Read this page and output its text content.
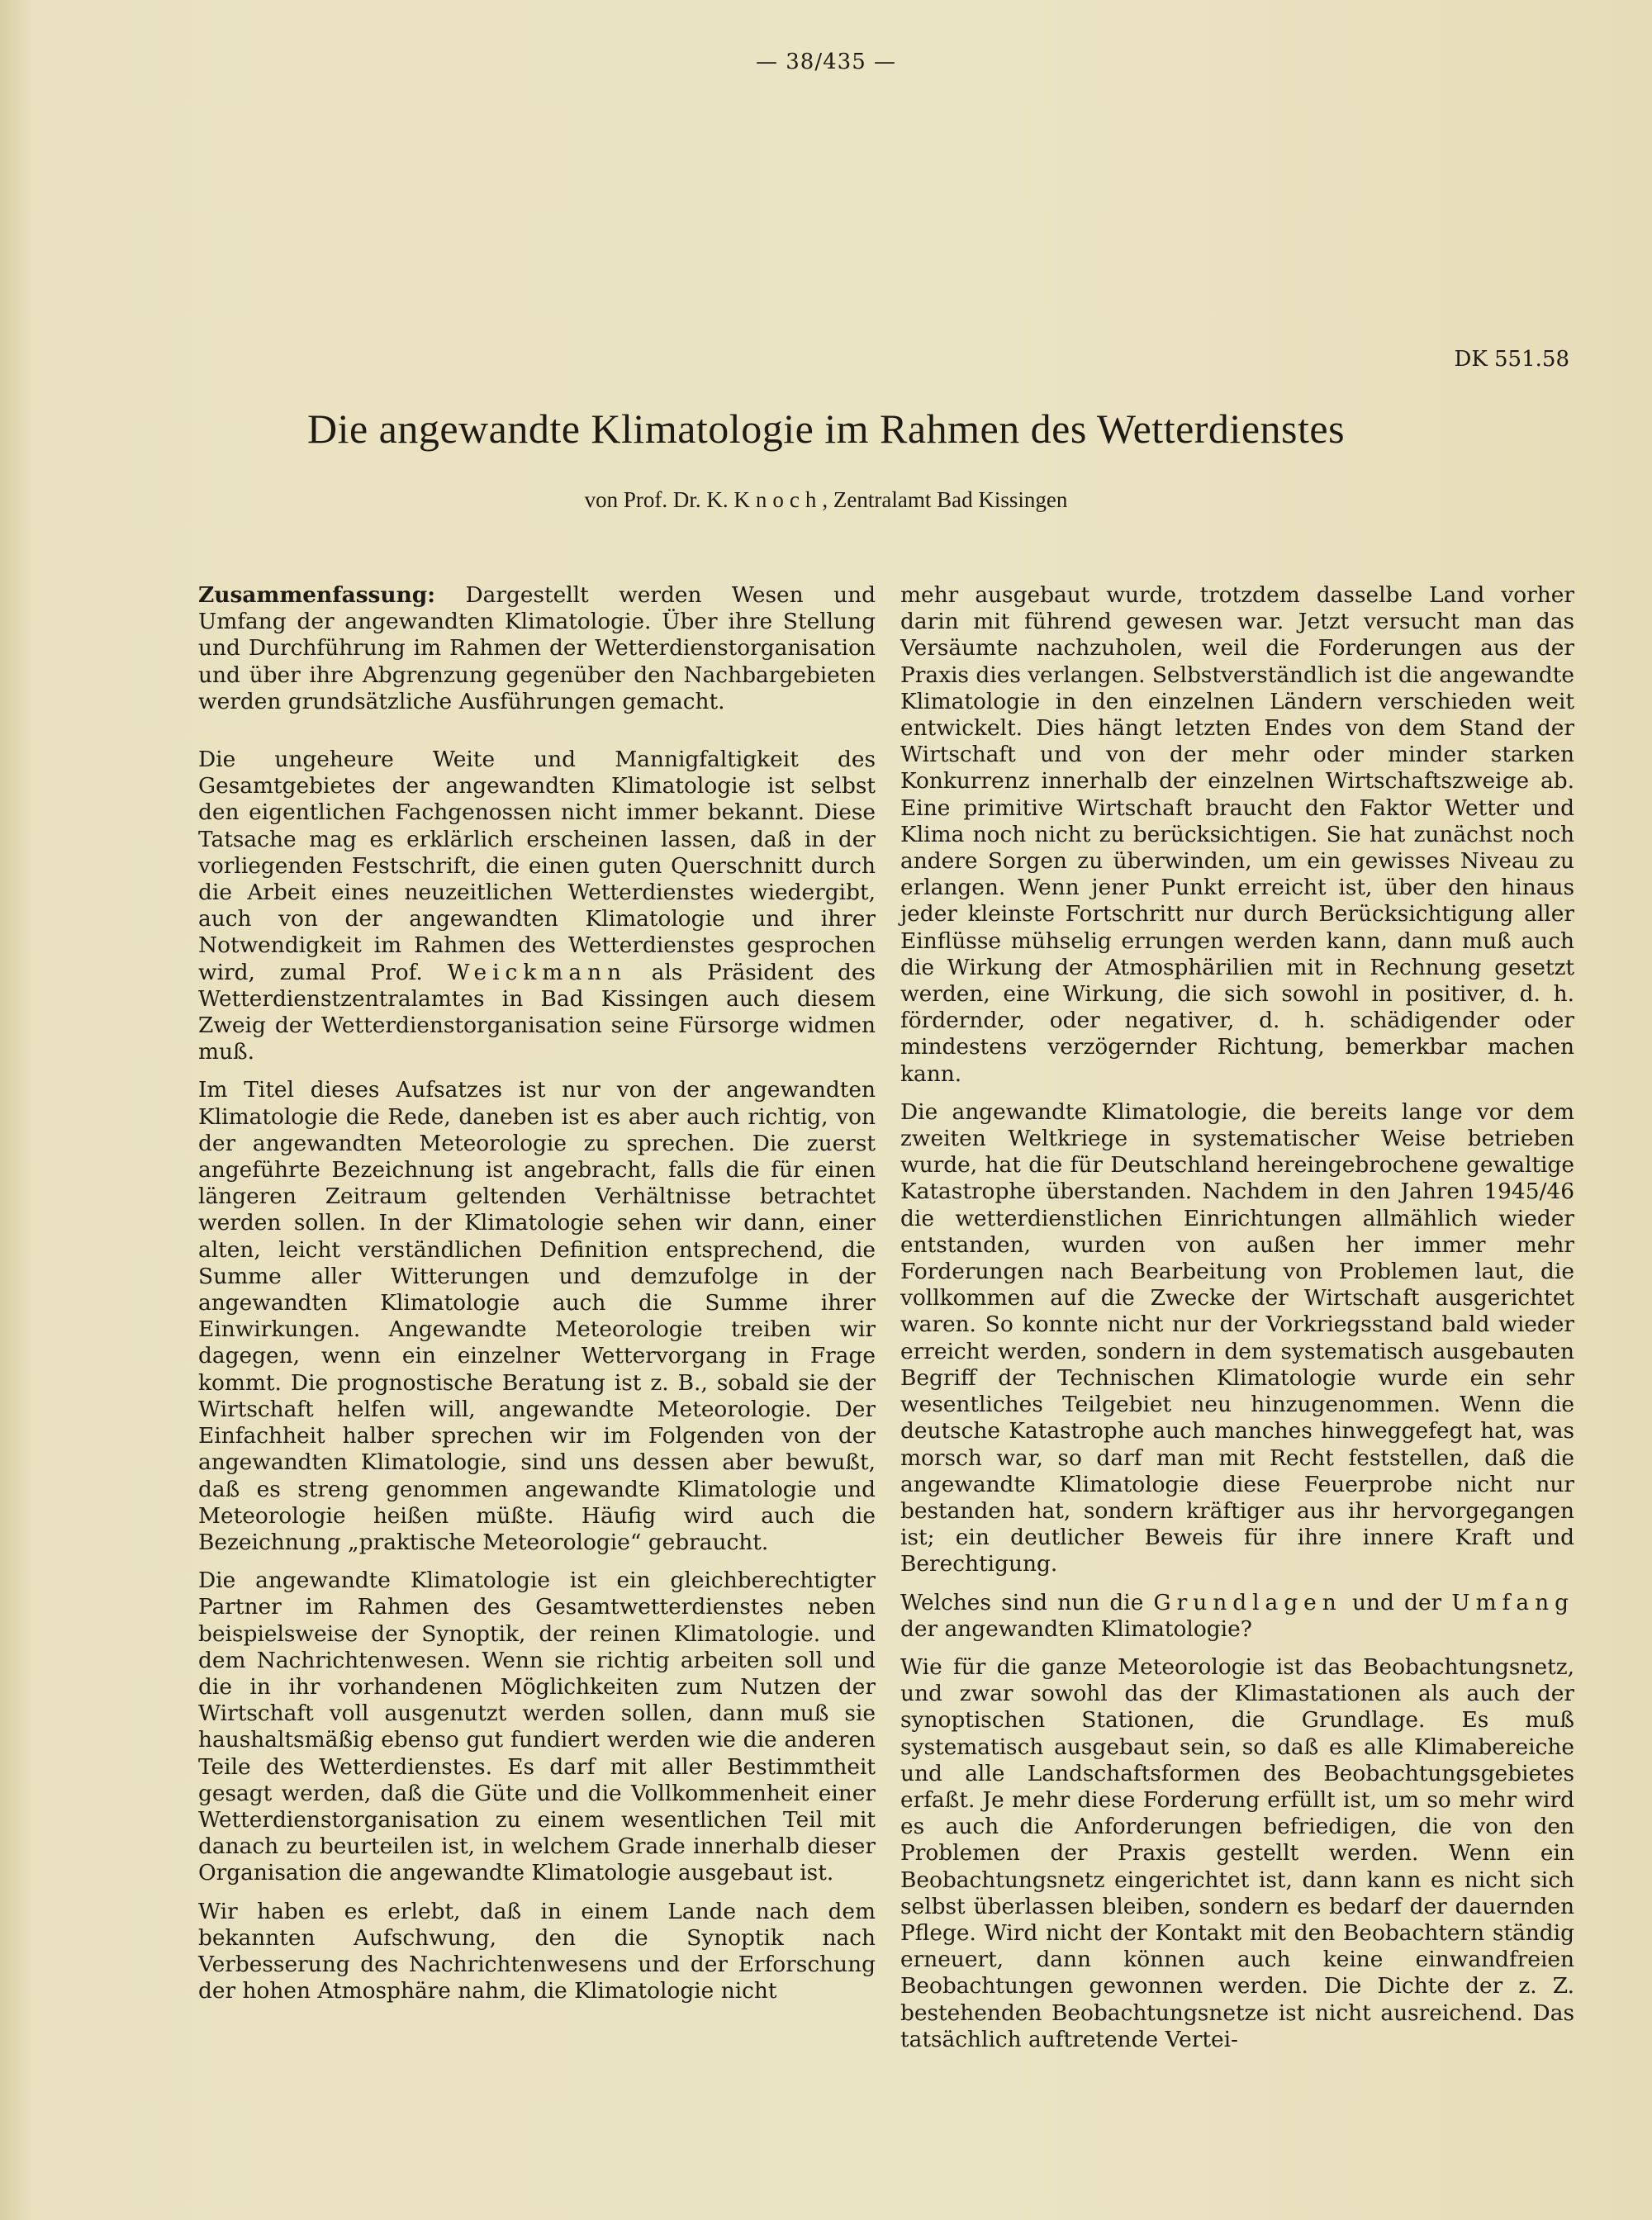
— 38/435 —
DK 551.58
Die angewandte Klimatologie im Rahmen des Wetterdienstes
von Prof. Dr. K. Knoch, Zentralamt Bad Kissingen

Zusammenfassung: Dargestellt werden Wesen und Umfang der angewandten Klimatologie. Über ihre Stellung und Durchführung im Rahmen der Wetterdienstorganisation und über ihre Abgrenzung gegenüber den Nachbargebieten werden grundsätzliche Ausführungen gemacht.

Die ungeheure Weite und Mannigfaltigkeit des Gesamtgebietes der angewandten Klimatologie ist selbst den eigentlichen Fachgenossen nicht immer bekannt. Diese Tatsache mag es erklärlich erscheinen lassen, daß in der vorliegenden Festschrift, die einen guten Querschnitt durch die Arbeit eines neuzeitlichen Wetterdienstes wiedergibt, auch von der angewandten Klimatologie und ihrer Notwendigkeit im Rahmen des Wetterdienstes gesprochen wird, zumal Prof. Weickmann als Präsident des Wetterdienstzentralamtes in Bad Kissingen auch diesem Zweig der Wetterdienstorganisation seine Fürsorge widmen muß.

Im Titel dieses Aufsatzes ist nur von der angewandten Klimatologie die Rede, daneben ist es aber auch richtig, von der angewandten Meteorologie zu sprechen. Die zuerst angeführte Bezeichnung ist angebracht, falls die für einen längeren Zeitraum geltenden Verhältnisse betrachtet werden sollen. In der Klimatologie sehen wir dann, einer alten, leicht verständlichen Definition entsprechend, die Summe aller Witterungen und demzufolge in der angewandten Klimatologie auch die Summe ihrer Einwirkungen. Angewandte Meteorologie treiben wir dagegen, wenn ein einzelner Wettervorgang in Frage kommt. Die prognostische Beratung ist z. B., sobald sie der Wirtschaft helfen will, angewandte Meteorologie. Der Einfachheit halber sprechen wir im Folgenden von der angewandten Klimatologie, sind uns dessen aber bewußt, daß es streng genommen angewandte Klimatologie und Meteorologie heißen müßte. Häufig wird auch die Bezeichnung „praktische Meteorologie“ gebraucht.

Die angewandte Klimatologie ist ein gleichberechtigter Partner im Rahmen des Gesamtwetterdienstes neben beispielsweise der Synoptik, der reinen Klimatologie. und dem Nachrichtenwesen. Wenn sie richtig arbeiten soll und die in ihr vorhandenen Möglichkeiten zum Nutzen der Wirtschaft voll ausgenutzt werden sollen, dann muß sie haushaltsmäßig ebenso gut fundiert werden wie die anderen Teile des Wetterdienstes. Es darf mit aller Bestimmtheit gesagt werden, daß die Güte und die Vollkommenheit einer Wetterdienstorganisation zu einem wesentlichen Teil mit danach zu beurteilen ist, in welchem Grade innerhalb dieser Organisation die angewandte Klimatologie ausgebaut ist.

Wir haben es erlebt, daß in einem Lande nach dem bekannten Aufschwung, den die Synoptik nach Verbesserung des Nachrichtenwesens und der Erforschung der hohen Atmosphäre nahm, die Klimatologie nicht

mehr ausgebaut wurde, trotzdem dasselbe Land vorher darin mit führend gewesen war. Jetzt versucht man das Versäumte nachzuholen, weil die Forderungen aus der Praxis dies verlangen. Selbstverständlich ist die angewandte Klimatologie in den einzelnen Ländern verschieden weit entwickelt. Dies hängt letzten Endes von dem Stand der Wirtschaft und von der mehr oder minder starken Konkurrenz innerhalb der einzelnen Wirtschaftszweige ab. Eine primitive Wirtschaft braucht den Faktor Wetter und Klima noch nicht zu berücksichtigen. Sie hat zunächst noch andere Sorgen zu überwinden, um ein gewisses Niveau zu erlangen. Wenn jener Punkt erreicht ist, über den hinaus jeder kleinste Fortschritt nur durch Berücksichtigung aller Einflüsse mühselig errungen werden kann, dann muß auch die Wirkung der Atmosphärilien mit in Rechnung gesetzt werden, eine Wirkung, die sich sowohl in positiver, d. h. fördernder, oder negativer, d. h. schädigender oder mindestens verzögernder Richtung, bemerkbar machen kann.

Die angewandte Klimatologie, die bereits lange vor dem zweiten Weltkriege in systematischer Weise betrieben wurde, hat die für Deutschland hereingebrochene gewaltige Katastrophe überstanden. Nachdem in den Jahren 1945/46 die wetterdienstlichen Einrichtungen allmählich wieder entstanden, wurden von außen her immer mehr Forderungen nach Bearbeitung von Problemen laut, die vollkommen auf die Zwecke der Wirtschaft ausgerichtet waren. So konnte nicht nur der Vorkriegsstand bald wieder erreicht werden, sondern in dem systematisch ausgebauten Begriff der Technischen Klimatologie wurde ein sehr wesentliches Teilgebiet neu hinzugenommen. Wenn die deutsche Katastrophe auch manches hinweggefegt hat, was morsch war, so darf man mit Recht feststellen, daß die angewandte Klimatologie diese Feuerprobe nicht nur bestanden hat, sondern kräftiger aus ihr hervorgegangen ist; ein deutlicher Beweis für ihre innere Kraft und Berechtigung.

Welches sind nun die Grundlagen und der Umfang der angewandten Klimatologie?

Wie für die ganze Meteorologie ist das Beobachtungsnetz, und zwar sowohl das der Klimastationen als auch der synoptischen Stationen, die Grundlage. Es muß systematisch ausgebaut sein, so daß es alle Klimabereiche und alle Landschaftsformen des Beobachtungsgebietes erfaßt. Je mehr diese Forderung erfüllt ist, um so mehr wird es auch die Anforderungen befriedigen, die von den Problemen der Praxis gestellt werden. Wenn ein Beobachtungsnetz eingerichtet ist, dann kann es nicht sich selbst überlassen bleiben, sondern es bedarf der dauernden Pflege. Wird nicht der Kontakt mit den Beobachtern ständig erneuert, dann können auch keine einwandfreien Beobachtungen gewonnen werden. Die Dichte der z. Z. bestehenden Beobachtungsnetze ist nicht ausreichend. Das tatsächlich auftretende Vertei-
